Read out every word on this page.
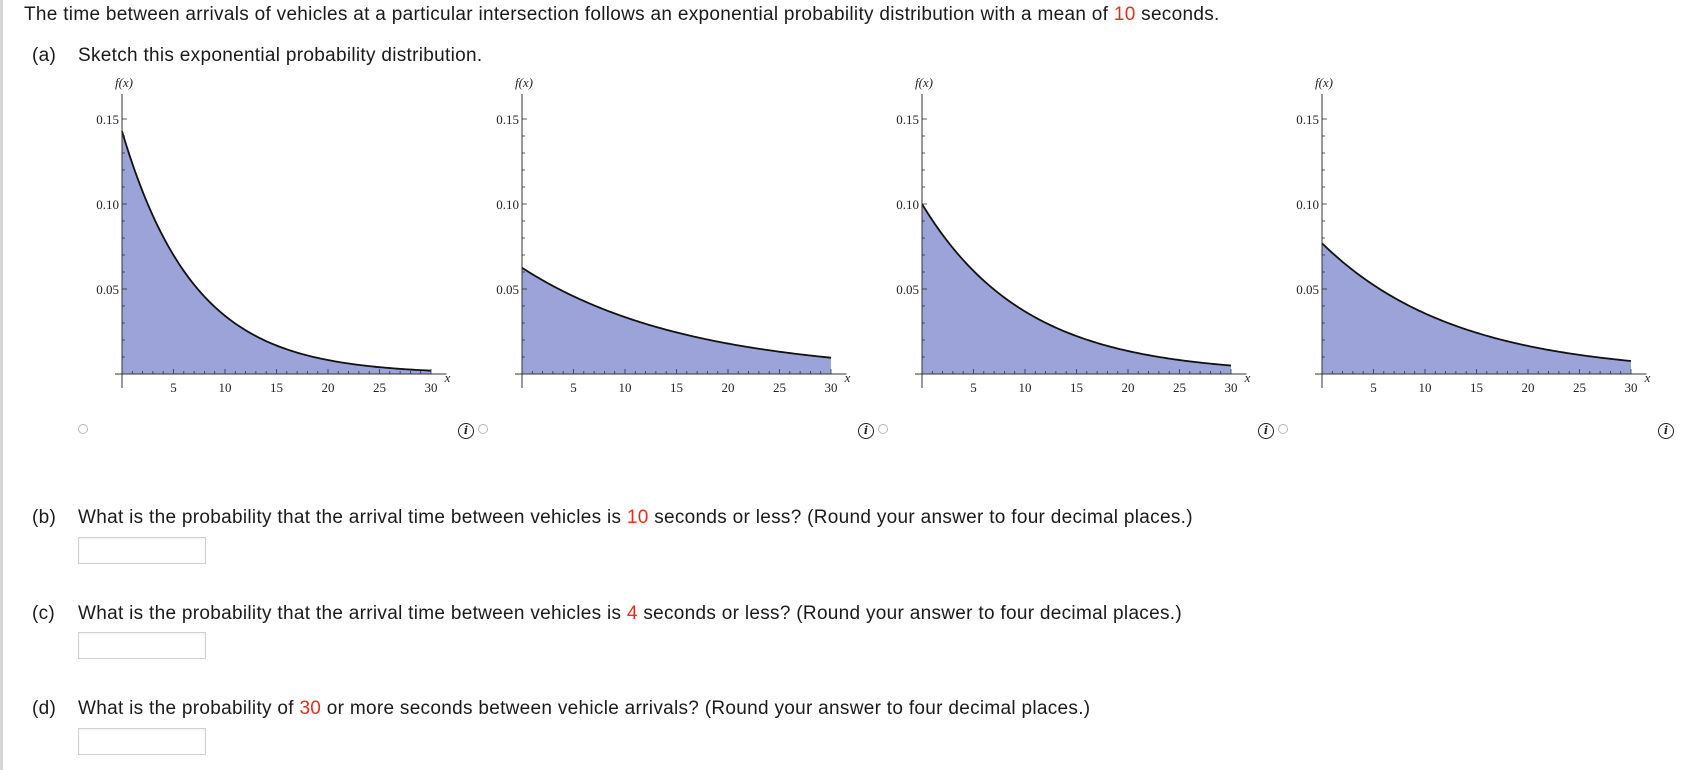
The time between arrivals of vehicles at a particular intersection follows an exponential probability distribution with a mean of 10 seconds.
(a) Sketch this exponential probability distribution.
5	10	15	20	25	30
0.05
0.10
0.15
f(x)
x
5	10	15	20	25	30
0.05
0.10
0.15
f(x)
x
5	10	15	20	25	30
0.05
0.10
0.15
f(x)
x
5	10	15	20	25	30
0.05
0.10
0.15
f(x)
x
i	i	i	i
(b) What is the probability that the arrival time between vehicles is 10 seconds or less? (Round your answer to four decimal places.)
(c) What is the probability that the arrival time between vehicles is 4 seconds or less? (Round your answer to four decimal places.)
(d) What is the probability of 30 or more seconds between vehicle arrivals? (Round your answer to four decimal places.)
